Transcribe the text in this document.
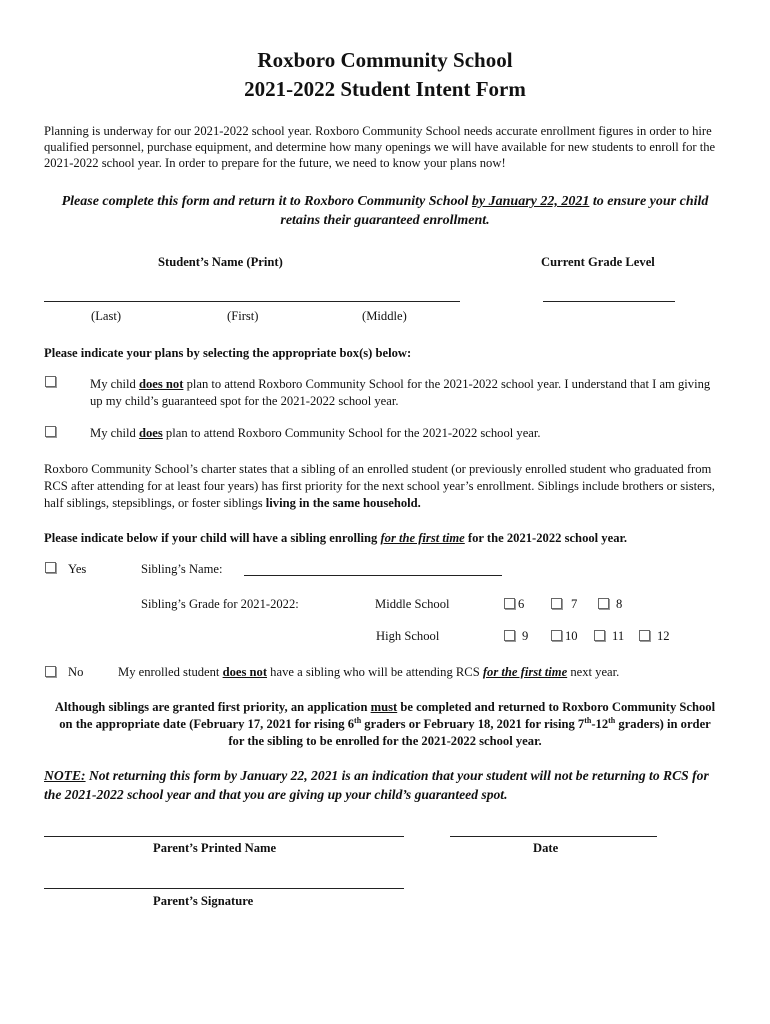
Roxboro Community School
2021-2022 Student Intent Form
Planning is underway for our 2021-2022 school year. Roxboro Community School needs accurate enrollment figures in order to hire qualified personnel, purchase equipment, and determine how many openings we will have available for new students to enroll for the 2021-2022 school year. In order to prepare for the future, we need to know your plans now!
Please complete this form and return it to Roxboro Community School by January 22, 2021 to ensure your child retains their guaranteed enrollment.
Student’s Name (Print)	Current Grade Level
(Last)	(First)	(Middle)
Please indicate your plans by selecting the appropriate box(s) below:
My child does not plan to attend Roxboro Community School for the 2021-2022 school year. I understand that I am giving up my child’s guaranteed spot for the 2021-2022 school year.
My child does plan to attend Roxboro Community School for the 2021-2022 school year.
Roxboro Community School’s charter states that a sibling of an enrolled student (or previously enrolled student who graduated from RCS after attending for at least four years) has first priority for the next school year’s enrollment. Siblings include brothers or sisters, half siblings, stepsiblings, or foster siblings living in the same household.
Please indicate below if your child will have a sibling enrolling for the first time for the 2021-2022 school year.
Yes	Sibling’s Name:
Sibling’s Grade for 2021-2022:	Middle School	6	7	8
High School	9	10	11	12
No	My enrolled student does not have a sibling who will be attending RCS for the first time next year.
Although siblings are granted first priority, an application must be completed and returned to Roxboro Community School on the appropriate date (February 17, 2021 for rising 6th graders or February 18, 2021 for rising 7th-12th graders) in order for the sibling to be enrolled for the 2021-2022 school year.
NOTE: Not returning this form by January 22, 2021 is an indication that your student will not be returning to RCS for the 2021-2022 school year and that you are giving up your child’s guaranteed spot.
Parent’s Printed Name	Date
Parent’s Signature
